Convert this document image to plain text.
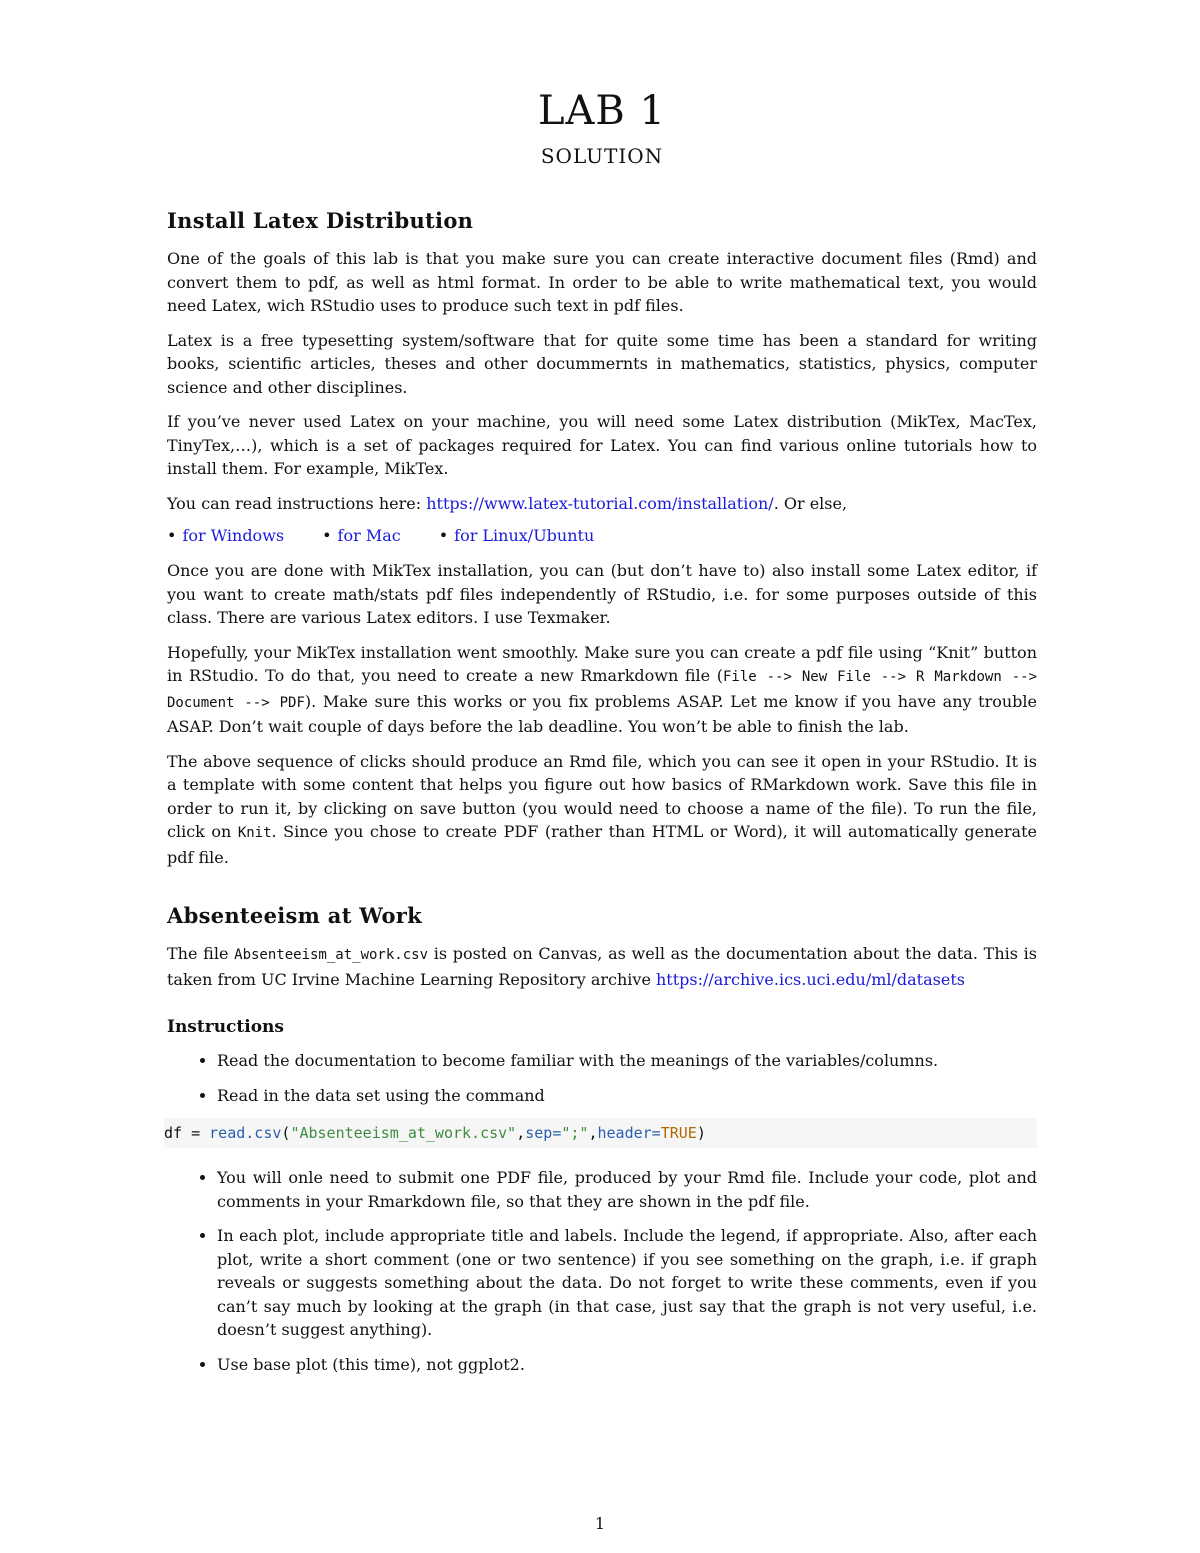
LAB 1
SOLUTION
Install Latex Distribution

One of the goals of this lab is that you make sure you can create interactive document files (Rmd) and convert them to pdf, as well as html format. In order to be able to write mathematical text, you would need Latex, wich RStudio uses to produce such text in pdf files.

Latex is a free typesetting system/software that for quite some time has been a standard for writing books, scientific articles, theses and other docummernts in mathematics, statistics, physics, computer science and other disciplines.

If you’ve never used Latex on your machine, you will need some Latex distribution (MikTex, MacTex, TinyTex,…), which is a set of packages required for Latex. You can find various online tutorials how to install them. For example, MikTex.

You can read instructions here: https://www.latex-tutorial.com/installation/. Or else,

• for Windows • for Mac • for Linux/Ubuntu

Once you are done with MikTex installation, you can (but don’t have to) also install some Latex editor, if you want to create math/stats pdf files independently of RStudio, i.e. for some purposes outside of this class. There are various Latex editors. I use Texmaker.

Hopefully, your MikTex installation went smoothly. Make sure you can create a pdf file using “Knit” button in RStudio. To do that, you need to create a new Rmarkdown file (File --> New File --> R Markdown --> Document --> PDF). Make sure this works or you fix problems ASAP. Let me know if you have any trouble ASAP. Don’t wait couple of days before the lab deadline. You won’t be able to finish the lab.

The above sequence of clicks should produce an Rmd file, which you can see it open in your RStudio. It is a template with some content that helps you figure out how basics of RMarkdown work. Save this file in order to run it, by clicking on save button (you would need to choose a name of the file). To run the file, click on Knit. Since you chose to create PDF (rather than HTML or Word), it will automatically generate pdf file.

Absenteeism at Work

The file Absenteeism_at_work.csv is posted on Canvas, as well as the documentation about the data. This is taken from UC Irvine Machine Learning Repository archive https://archive.ics.uci.edu/ml/datasets

Instructions
• Read the documentation to become familiar with the meanings of the variables/columns.
• Read in the data set using the command
df = read.csv("Absenteeism_at_work.csv",sep=";",header=TRUE)
• You will onle need to submit one PDF file, produced by your Rmd file. Include your code, plot and comments in your Rmarkdown file, so that they are shown in the pdf file.
• In each plot, include appropriate title and labels. Include the legend, if appropriate. Also, after each plot, write a short comment (one or two sentence) if you see something on the graph, i.e. if graph reveals or suggests something about the data. Do not forget to write these comments, even if you can’t say much by looking at the graph (in that case, just say that the graph is not very useful, i.e. doesn’t suggest anything).
• Use base plot (this time), not ggplot2.
1
